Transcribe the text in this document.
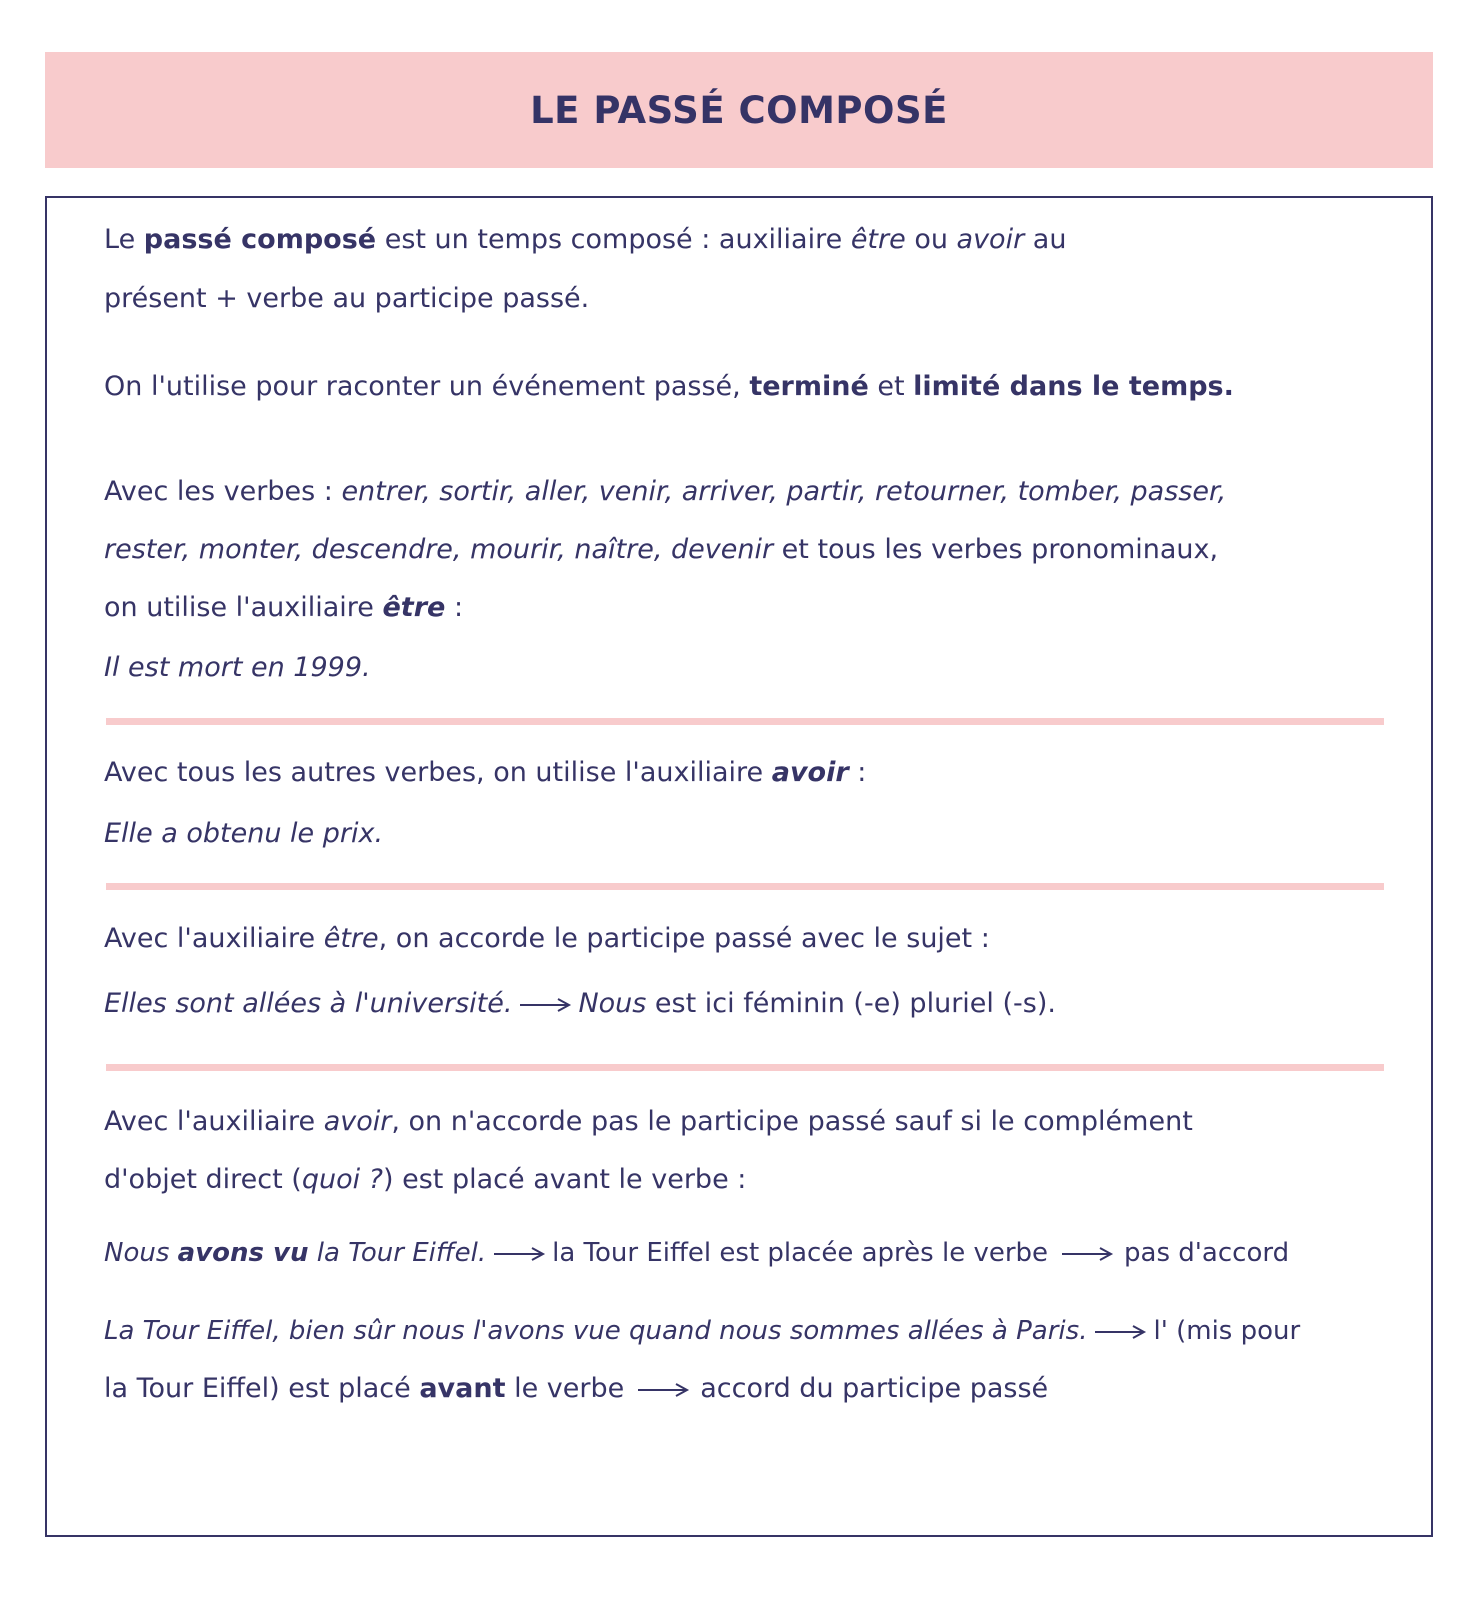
LE PASSÉ COMPOSÉ
Le passé composé est un temps composé : auxiliaire être ou avoir au
présent + verbe au participe passé.
On l'utilise pour raconter un événement passé, terminé et limité dans le temps.
Avec les verbes : entrer, sortir, aller, venir, arriver, partir, retourner, tomber, passer,
rester, monter, descendre, mourir, naître, devenir et tous les verbes pronominaux,
on utilise l'auxiliaire être :
Il est mort en 1999.
Avec tous les autres verbes, on utilise l'auxiliaire avoir :
Elle a obtenu le prix.
Avec l'auxiliaire être, on accorde le participe passé avec le sujet :
Elles sont allées à l'université. Nous est ici féminin (-e) pluriel (-s).
Avec l'auxiliaire avoir, on n'accorde pas le participe passé sauf si le complément
d'objet direct (quoi ?) est placé avant le verbe :
Nous avons vu la Tour Eiffel.	la Tour Eiffel est placée après le verbe	pas d'accord
La Tour Eiffel, bien sûr nous l'avons vue quand nous sommes allées à Paris.	l' (mis pour
la Tour Eiffel) est placé avant le verbe	accord du participe passé
